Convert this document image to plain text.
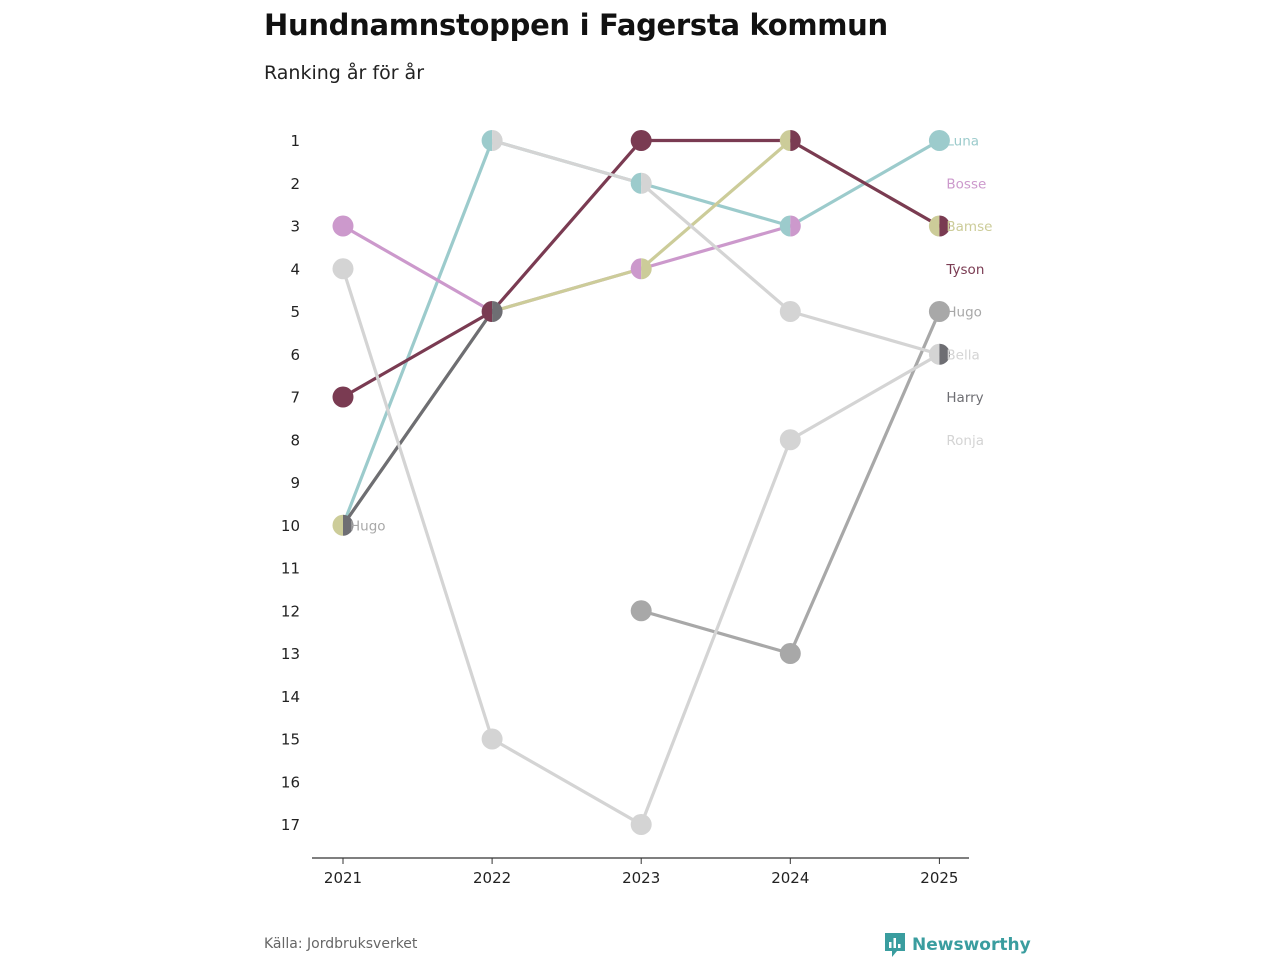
Hundnamnstoppen i Fagersta kommun

Ranking år för år

2021	2022	2023	2024	2025
1
2
3
4
5
6
7
8
9
10
11
12
13
14
15
16
17
Luna
Bosse
Bamse
Tyson
Hugo
Bella
Harry
Ronja
Hugo
Källa: Jordbruksverket	Newsworthy
